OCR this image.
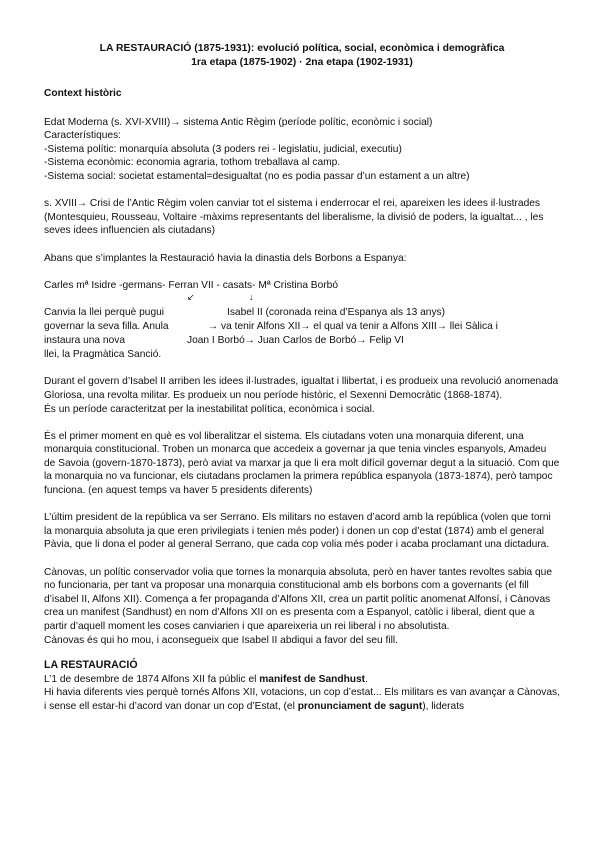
LA RESTAURACIÓ (1875-1931): evolució política, social, econòmica i demogràfica
1ra etapa (1875-1902) · 2na etapa (1902-1931)

Context històric

Edat Moderna (s. XVI-XVIII)→ sistema Antic Règim (període polític, econòmic i social)

Característiques:

-Sistema polític: monarquía absoluta (3 poders rei - legislatiu, judicial, executiu)

-Sistema econòmic: economia agraria, tothom treballava al camp.

-Sistema social: societat estamental=desigualtat (no es podia passar d’un estament a un altre)

s. XVIII→ Crisi de l’Antic Règim volen canviar tot el sistema i enderrocar el rei, apareixen les idees il·lustrades (Montesquieu, Rousseau, Voltaire -màxims representants del liberalisme, la divisió de poders, la igualtat... , les seves idees influencien als ciutadans)

Abans que s’implantes la Restauració havia la dinastia dels Borbons a Espanya:

Carles mª Isidre -germans- Ferran VII - casats- Mª Cristina Borbó
↙	↓
Canvia la llei perquè pugui
governar la seva filla. Anula
instaura una nova
llei, la Pragmàtica Sanció.
Isabel II (coronada reina d’Espanya als 13 anys)
→ va tenir Alfons XII→ el qual va tenir a Alfons XIII→ llei Sàlica i
Joan I Borbó→ Juan Carlos de Borbó→ Felip VI

Durant el govern d’Isabel II arriben les idees il·lustrades, igualtat i llibertat, i es produeix una revolució anomenada Gloriosa, una revolta militar. Es produeix un nou període històric, el Sexenni Democràtic (1868-1874).

És un període caracteritzat per la inestabilitat política, econòmica i social.

És el primer moment en què es vol liberalitzar el sistema. Els ciutadans voten una monarquia diferent, una monarquia constitucional. Troben un monarca que accedeix a governar ja que tenia vincles espanyols, Amadeu de Savoia (govern-1870-1873), però aviat va marxar ja que li era molt difícil governar degut a la situació. Com que la monarquia no va funcionar, els ciutadans proclamen la primera república espanyola (1873-1874), però tampoc funciona. (en aquest temps va haver 5 presidents diferents)

L’últim president de la república va ser Serrano. Els militars no estaven d’acord amb la república (volen que torni la monarquia absoluta ja que eren privilegiats i tenien més poder) i donen un cop d’estat (1874) amb el general Pàvia, que li dona el poder al general Serrano, que cada cop volia més poder i acaba proclamant una dictadura.

Cànovas, un polític conservador volia que tornes la monarquia absoluta, però en haver tantes revoltes sabia que no funcionaria, per tant va proposar una monarquia constitucional amb els borbons com a governants (el fill d’isabel II, Alfons XII). Comença a fer propaganda d’Alfons XII, crea un partit polític anomenat Alfonsí, i Cànovas crea un manifest (Sandhust) en nom d’Alfons XII on es presenta com a Espanyol, catòlic i liberal, dient que a partir d’aquell moment les coses canviarien i que apareixeria un rei liberal i no absolutista.

Cànovas és qui ho mou, i aconsegueix que Isabel II abdiqui a favor del seu fill.

LA RESTAURACIÓ

L’1 de desembre de 1874 Alfons XII fa públic el manifest de Sandhust.

Hi havia diferents vies perquè tornés Alfons XII, votacions, un cop d’estat... Els militars es van avançar a Cànovas, i sense ell estar-hi d’acord van donar un cop d’Estat, (el pronunciament de sagunt), liderats
